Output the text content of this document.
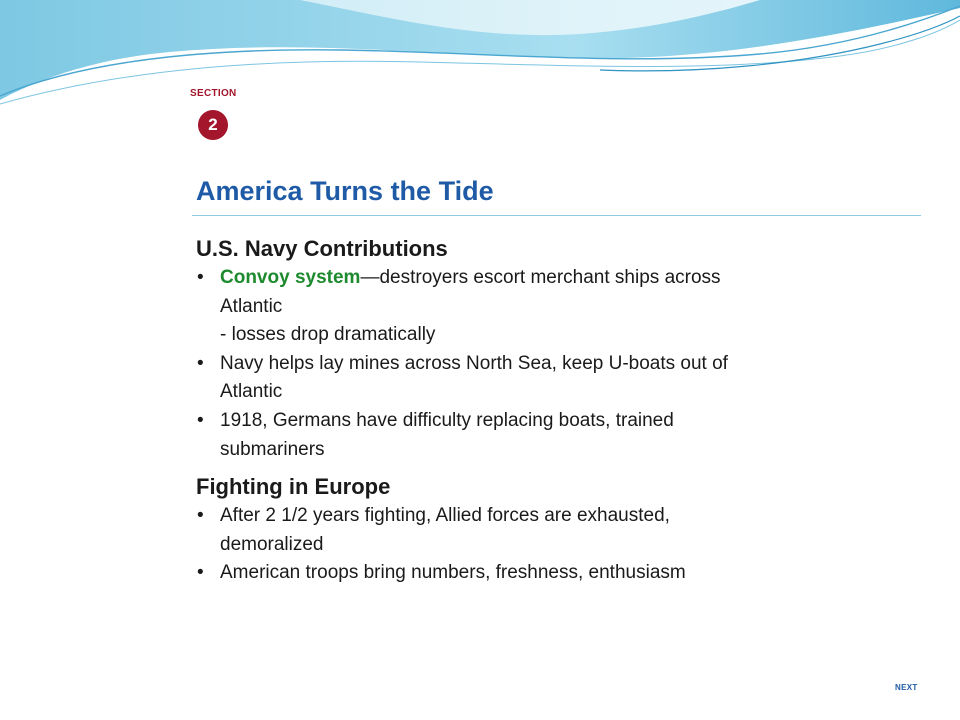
SECTION
2
America Turns the Tide
U.S. Navy Contributions
• Convoy system—destroyers escort merchant ships across Atlantic
- losses drop dramatically
• Navy helps lay mines across North Sea, keep U-boats out of Atlantic
• 1918, Germans have difficulty replacing boats, trained submariners
Fighting in Europe
• After 2 1/2 years fighting, Allied forces are exhausted, demoralized
• American troops bring numbers, freshness, enthusiasm
NEXT
